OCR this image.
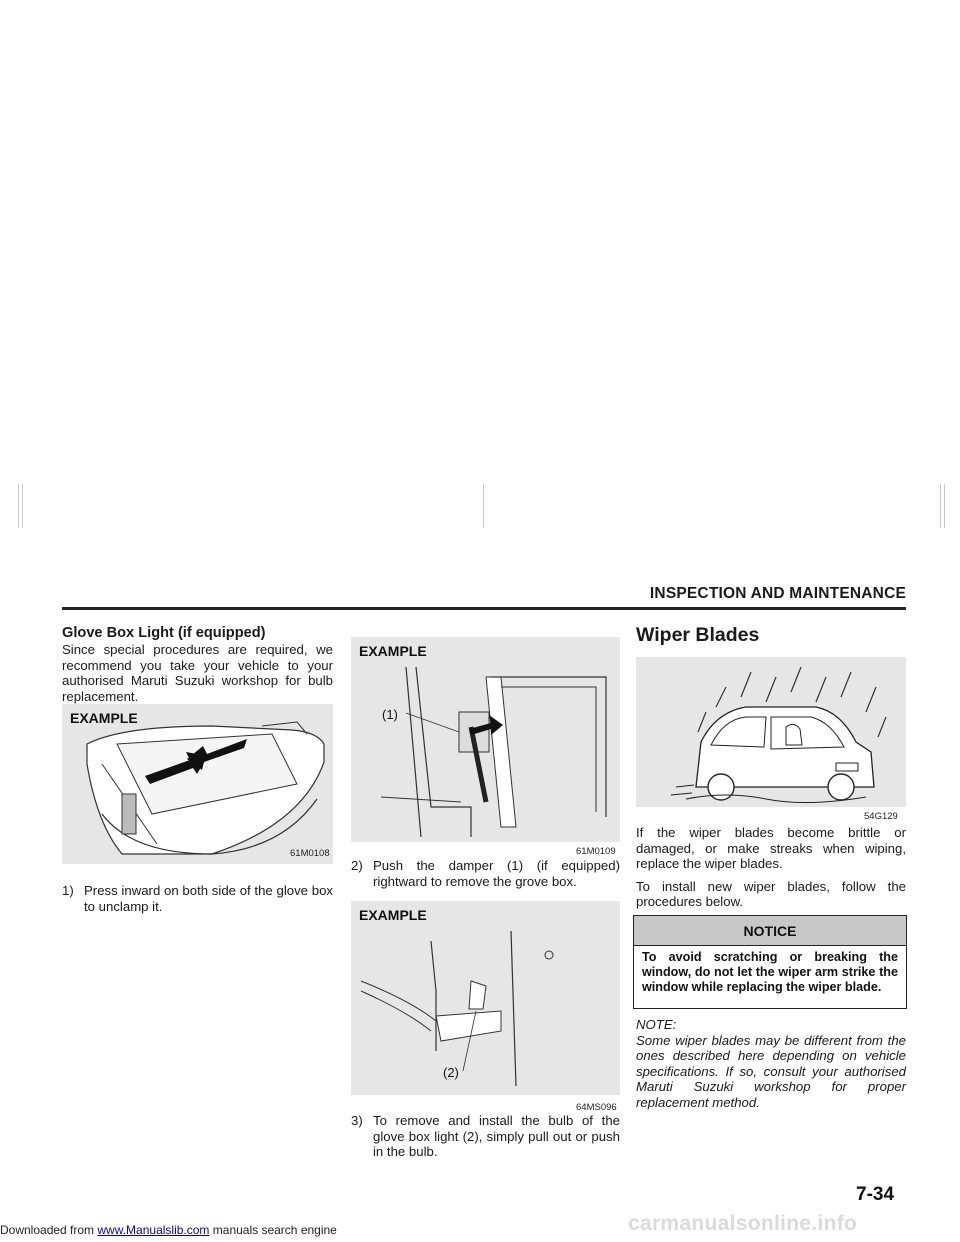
INSPECTION AND MAINTENANCE

Glove Box Light (if equipped)

Since special procedures are required, we recommend you take your vehicle to your authorised Maruti Suzuki workshop for bulb replacement.

EXAMPLE
61M0108
1) Press inward on both side of the glove box to unclamp it.
EXAMPLE
(1)
61M0109
2) Push the damper (1) (if equipped) rightward to remove the grove box.
EXAMPLE
(2)
64MS096
3) To remove and install the bulb of the glove box light (2), simply pull out or push in the bulb.

Wiper Blades

54G129

If the wiper blades become brittle or damaged, or make streaks when wiping, replace the wiper blades.

To install new wiper blades, follow the procedures below.

NOTICE
To avoid scratching or breaking the window, do not let the wiper arm strike the window while replacing the wiper blade.

NOTE:

Some wiper blades may be different from the ones described here depending on vehicle specifications. If so, consult your authorised Maruti Suzuki workshop for proper replacement method.

7-34
carmanualsonline.info
Downloaded from www.Manualslib.com manuals search engine
